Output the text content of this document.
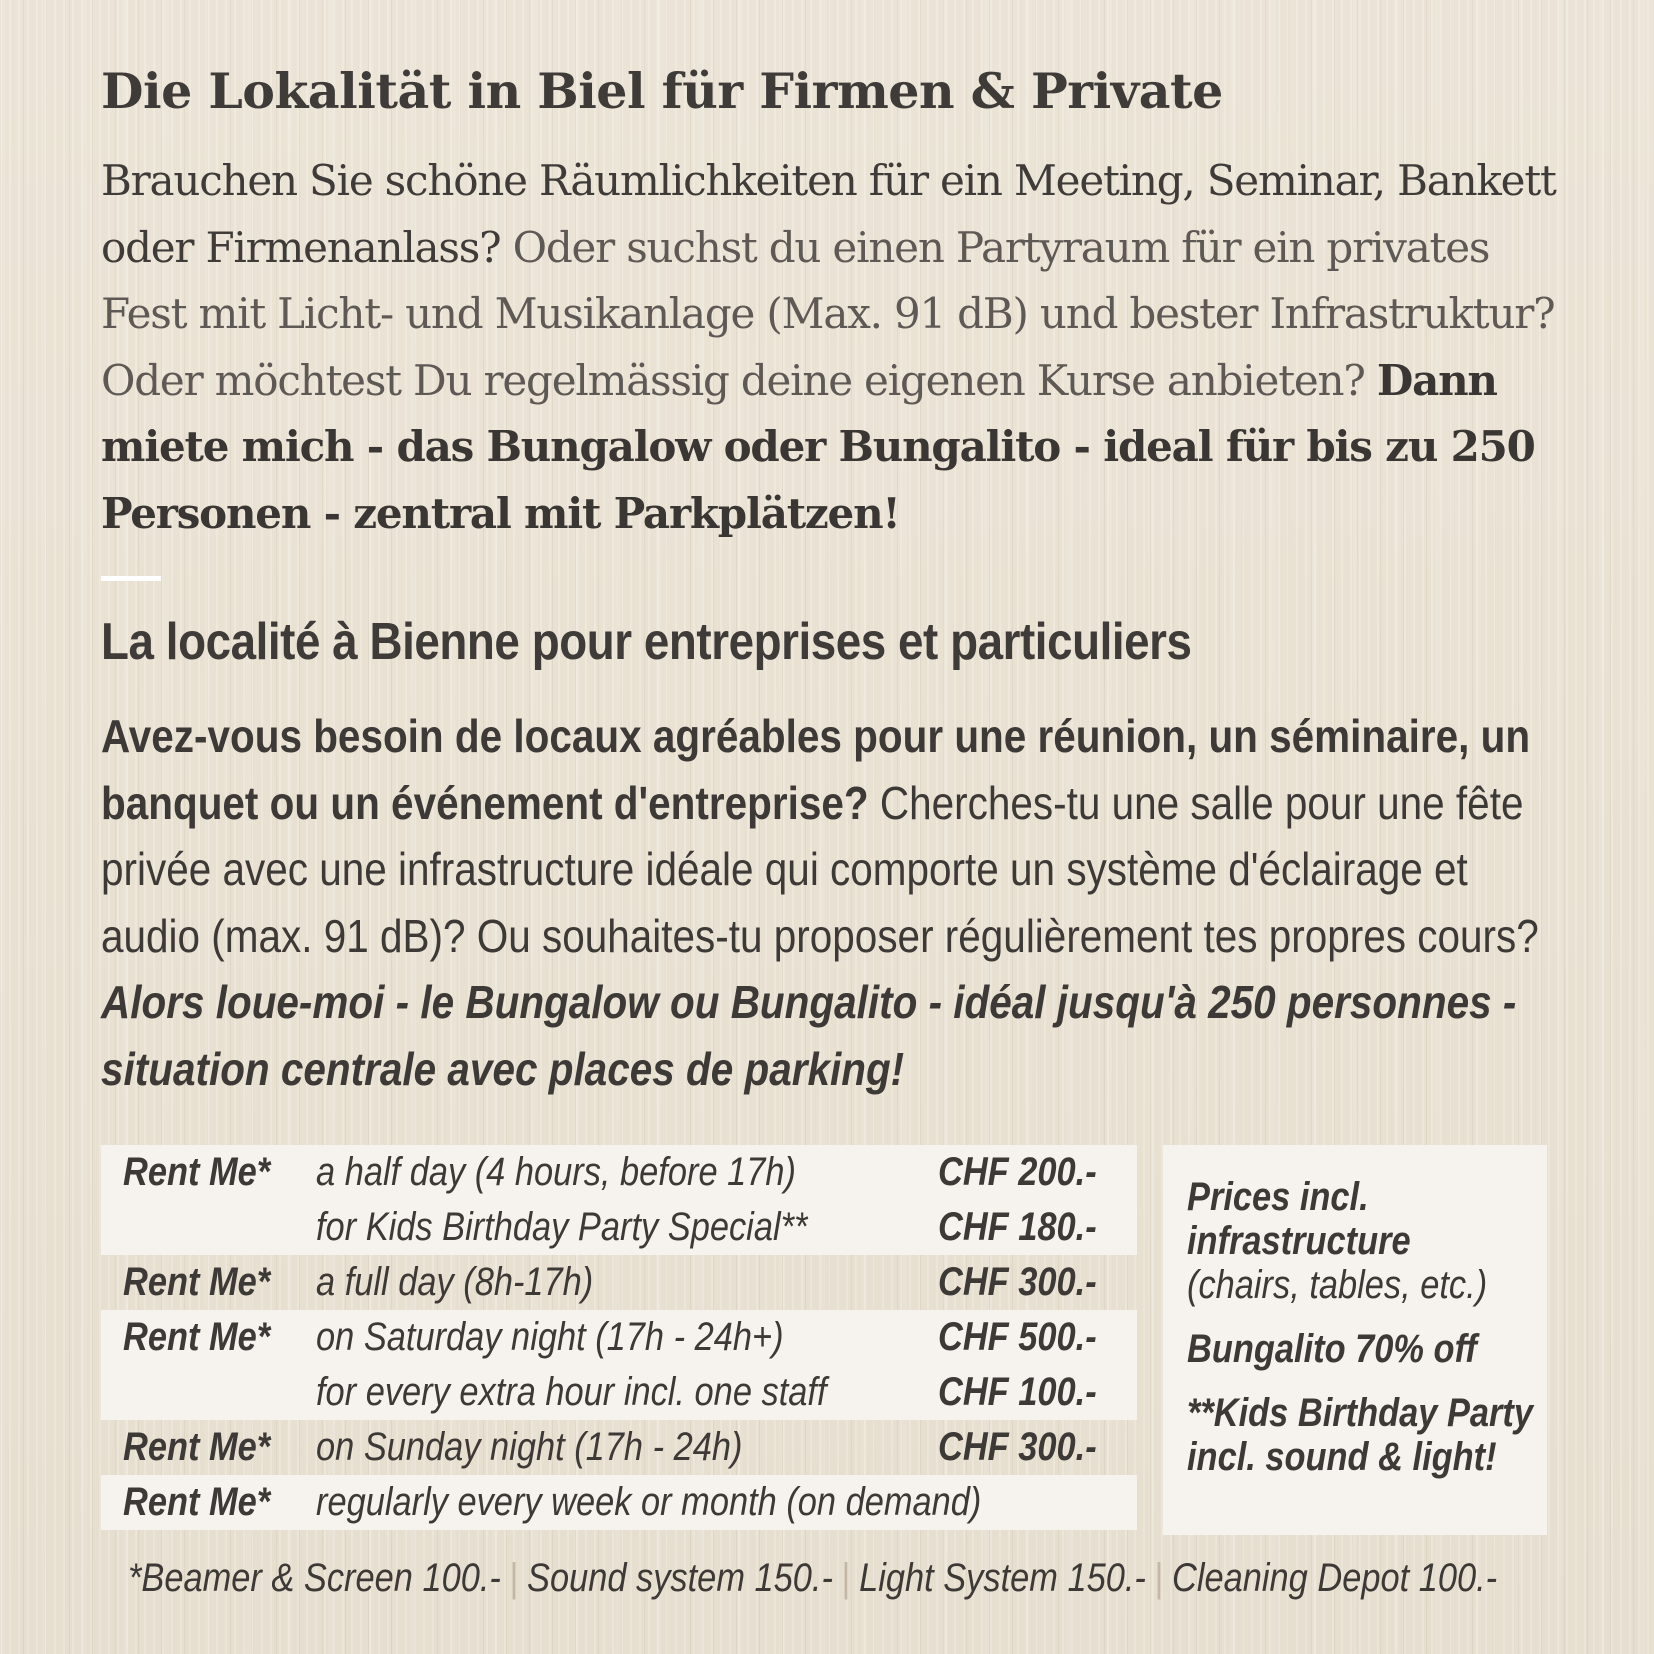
Die Lokalität in Biel für Firmen & Private

Brauchen Sie schöne Räumlichkeiten für ein Meeting, Seminar, Bankett oder Firmenanlass? Oder suchst du einen Partyraum für ein privates Fest mit Licht- und Musikanlage (Max. 91 dB) und bester Infrastruktur? Oder möchtest Du regelmässig deine eigenen Kurse anbieten? Dann miete mich - das Bungalow oder Bungalito - ideal für bis zu 250 Personen - zentral mit Parkplätzen!

La localité à Bienne pour entreprises et particuliers

Avez-vous besoin de locaux agréables pour une réunion, un séminaire, un banquet ou un événement d'entreprise? Cherches-tu une salle pour une fête privée avec une infrastructure idéale qui comporte un système d'éclairage et audio (max. 91 dB)? Ou souhaites-tu proposer régulièrement tes propres cours? Alors loue-moi - le Bungalow ou Bungalito - idéal jusqu'à 250 personnes - situation centrale avec places de parking!

Rent Me*	a half day (4 hours, before 17h)	CHF 200.-
for Kids Birthday Party Special**	CHF 180.-
Rent Me*	a full day (8h-17h)	CHF 300.-
Rent Me*	on Saturday night (17h - 24h+)	CHF 500.-
for every extra hour incl. one staff	CHF 100.-
Rent Me*	on Sunday night (17h - 24h)	CHF 300.-
Rent Me*	regularly every week or month (on demand)
Prices incl.
infrastructure
(chairs, tables, etc.)
Bungalito 70% off
**Kids Birthday Party
incl. sound & light!

*Beamer & Screen 100.- | Sound system 150.- | Light System 150.- | Cleaning Depot 100.-
